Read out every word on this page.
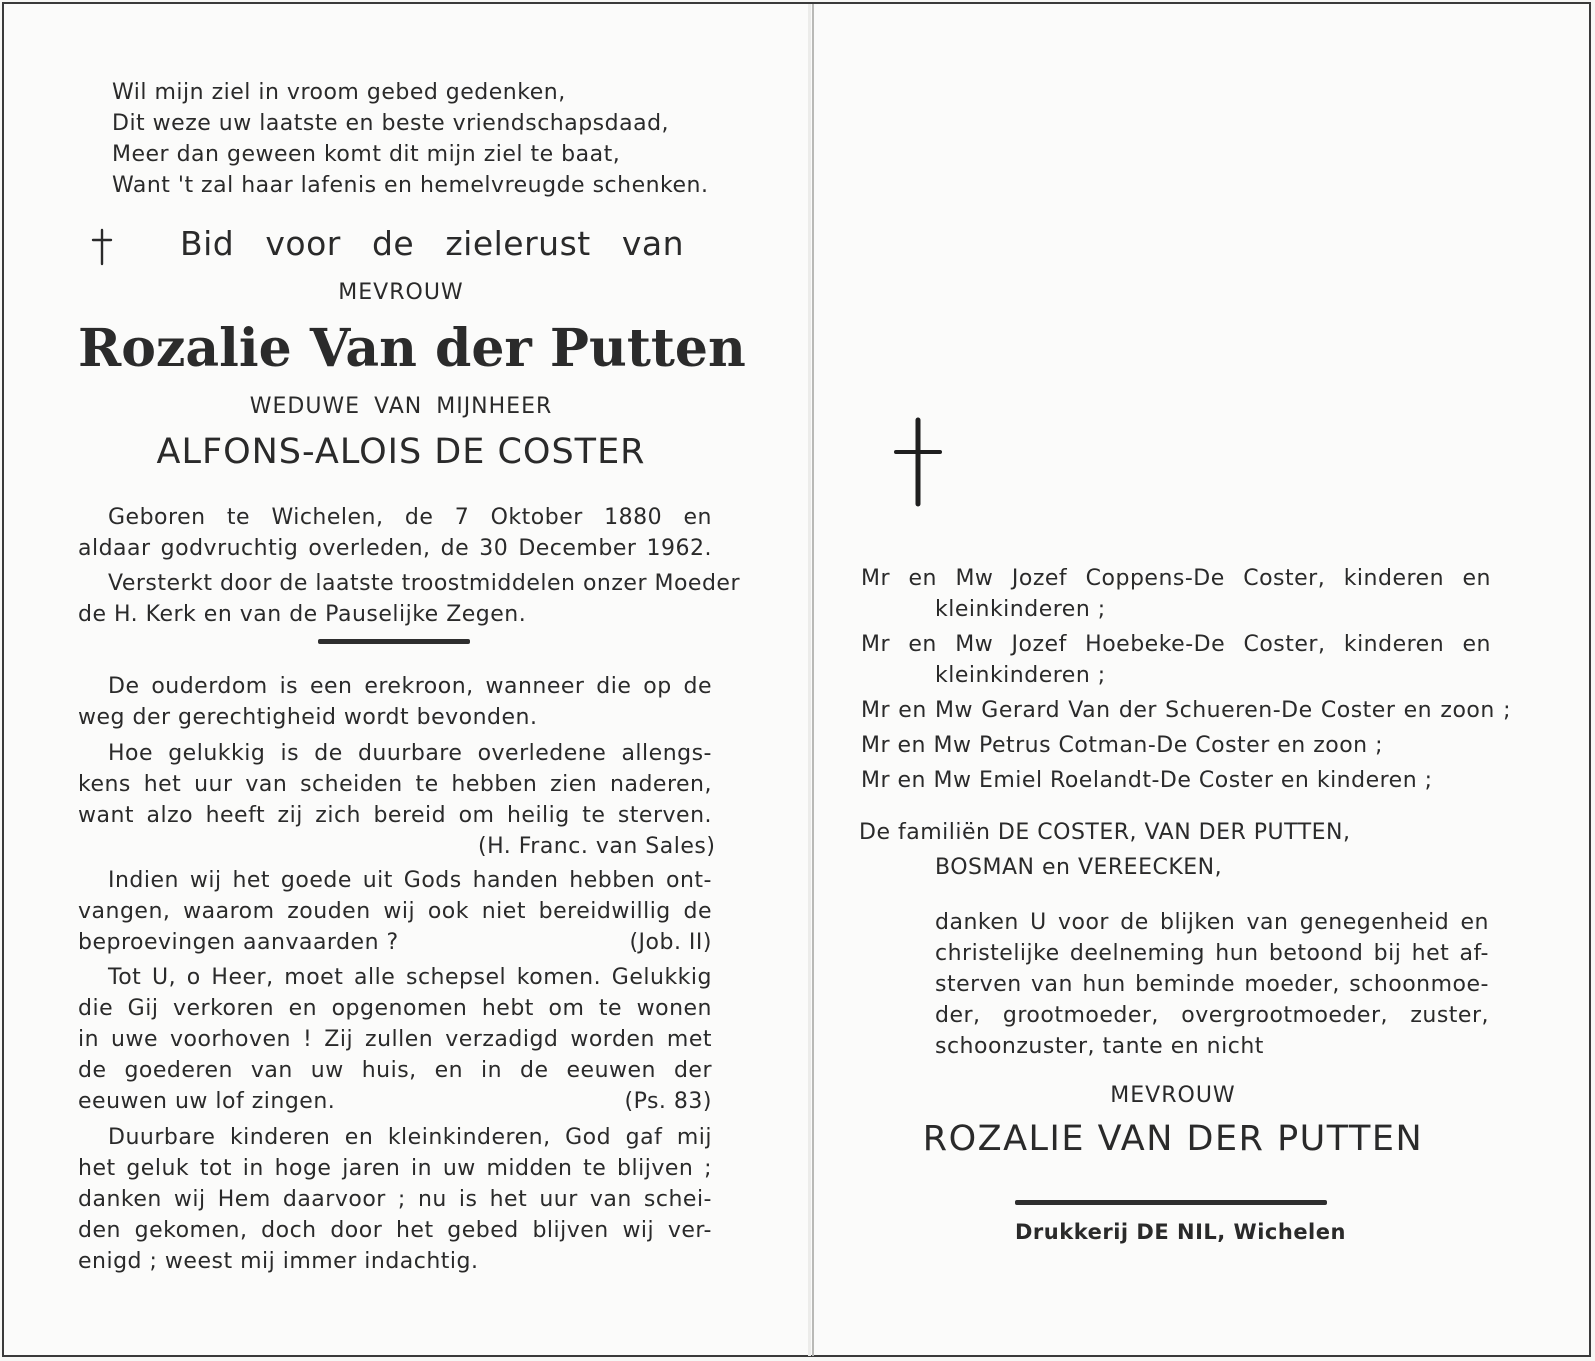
Wil mijn ziel in vroom gebed gedenken,
Dit weze uw laatste en beste vriendschapsdaad,
Meer dan geween komt dit mijn ziel te baat,
Want 't zal haar lafenis en hemelvreugde schenken.
Bid voor de zielerust van
MEVROUW
Rozalie Van der Putten
WEDUWE VAN MIJNHEER
ALFONS-ALOIS DE COSTER
Geboren te Wichelen, de 7 Oktober 1880 en
aldaar godvruchtig overleden, de 30 December 1962.
Versterkt door de laatste troostmiddelen onzer Moeder
de H. Kerk en van de Pauselijke Zegen.
De ouderdom is een erekroon, wanneer die op de
weg der gerechtigheid wordt bevonden.
Hoe gelukkig is de duurbare overledene allengs-
kens het uur van scheiden te hebben zien naderen,
want alzo heeft zij zich bereid om heilig te sterven.
(H. Franc. van Sales)
Indien wij het goede uit Gods handen hebben ont-
vangen, waarom zouden wij ook niet bereidwillig de
beproevingen aanvaarden ?	(Job. II)
Tot U, o Heer, moet alle schepsel komen. Gelukkig
die Gij verkoren en opgenomen hebt om te wonen
in uwe voorhoven ! Zij zullen verzadigd worden met
de goederen van uw huis, en in de eeuwen der
eeuwen uw lof zingen.	(Ps. 83)
Duurbare kinderen en kleinkinderen, God gaf mij
het geluk tot in hoge jaren in uw midden te blijven ;
danken wij Hem daarvoor ; nu is het uur van schei-
den gekomen, doch door het gebed blijven wij ver-
enigd ; weest mij immer indachtig.
Mr en Mw Jozef Coppens-De Coster, kinderen en
kleinkinderen ;
Mr en Mw Jozef Hoebeke-De Coster, kinderen en
kleinkinderen ;
Mr en Mw Gerard Van der Schueren-De Coster en zoon ;
Mr en Mw Petrus Cotman-De Coster en zoon ;
Mr en Mw Emiel Roelandt-De Coster en kinderen ;
De familiën DE COSTER, VAN DER PUTTEN,
BOSMAN en VEREECKEN,
danken U voor de blijken van genegenheid en
christelijke deelneming hun betoond bij het af-
sterven van hun beminde moeder, schoonmoe-
der, grootmoeder, overgrootmoeder, zuster,
schoonzuster, tante en nicht
MEVROUW
ROZALIE VAN DER PUTTEN
Drukkerij DE NIL, Wichelen
